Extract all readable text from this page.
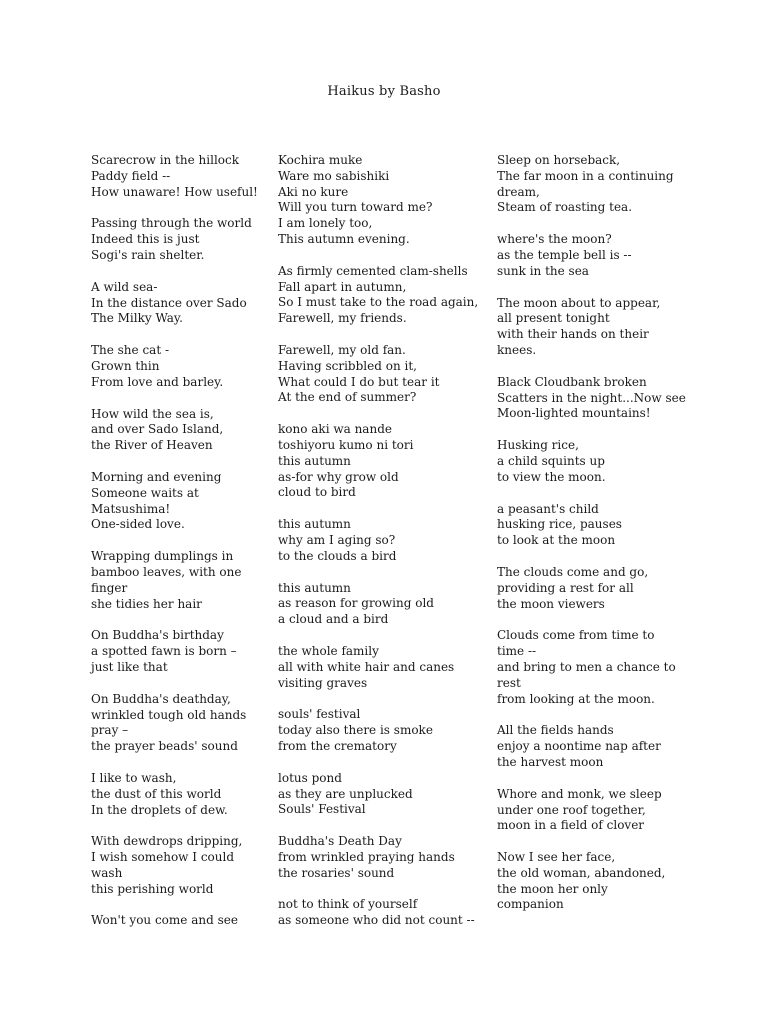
Haikus by Basho
Scarecrow in the hillock
Paddy field --
How unaware! How useful!
Passing through the world
Indeed this is just
Sogi's rain shelter.
A wild sea-
In the distance over Sado
The Milky Way.
The she cat -
Grown thin
From love and barley.
How wild the sea is,
and over Sado Island,
the River of Heaven
Morning and evening
Someone waits at
Matsushima!
One-sided love.
Wrapping dumplings in
bamboo leaves, with one
finger
she tidies her hair
On Buddha's birthday
a spotted fawn is born –
just like that
On Buddha's deathday,
wrinkled tough old hands
pray –
the prayer beads' sound
I like to wash,
the dust of this world
In the droplets of dew.
With dewdrops dripping,
I wish somehow I could
wash
this perishing world
Won't you come and see
Kochira muke
Ware mo sabishiki
Aki no kure
Will you turn toward me?
I am lonely too,
This autumn evening.
As firmly cemented clam-shells
Fall apart in autumn,
So I must take to the road again,
Farewell, my friends.
Farewell, my old fan.
Having scribbled on it,
What could I do but tear it
At the end of summer?
kono aki wa nande
toshiyoru kumo ni tori
this autumn
as-for why grow old
cloud to bird
this autumn
why am I aging so?
to the clouds a bird
this autumn
as reason for growing old
a cloud and a bird
the whole family
all with white hair and canes
visiting graves
souls' festival
today also there is smoke
from the crematory
lotus pond
as they are unplucked
Souls' Festival
Buddha's Death Day
from wrinkled praying hands
the rosaries' sound
not to think of yourself
as someone who did not count --
Sleep on horseback,
The far moon in a continuing
dream,
Steam of roasting tea.
where's the moon?
as the temple bell is --
sunk in the sea
The moon about to appear,
all present tonight
with their hands on their
knees.
Black Cloudbank broken
Scatters in the night...Now see
Moon-lighted mountains!
Husking rice,
a child squints up
to view the moon.
a peasant's child
husking rice, pauses
to look at the moon
The clouds come and go,
providing a rest for all
the moon viewers
Clouds come from time to
time --
and bring to men a chance to
rest
from looking at the moon.
All the fields hands
enjoy a noontime nap after
the harvest moon
Whore and monk, we sleep
under one roof together,
moon in a field of clover
Now I see her face,
the old woman, abandoned,
the moon her only
companion
